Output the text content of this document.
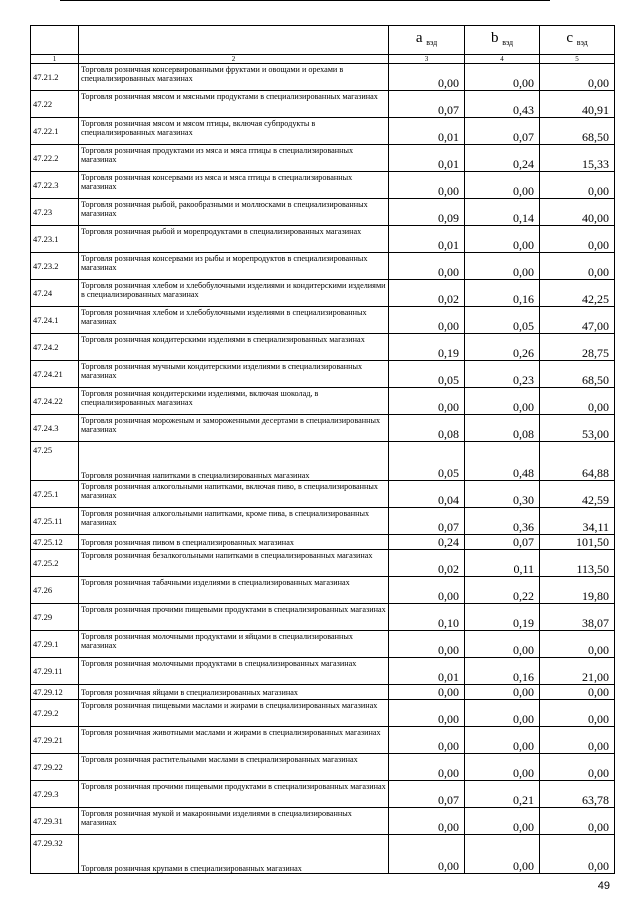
		a $_{вэд}$	b $_{вэд}$	c $_{вэд}$
1	2	3	4	5
47.21.2	Торговля розничная консервированными фруктами и овощами и орехами в специализированных магазинах	0,00	0,00	0,00
47.22	Торговля розничная мясом и мясными продуктами в специализированных магазинах	0,07	0,43	40,91
47.22.1	Торговля розничная мясом и мясом птицы, включая субпродукты в специализированных магазинах	0,01	0,07	68,50
47.22.2	Торговля розничная продуктами из мяса и мяса птицы в специализированных магазинах	0,01	0,24	15,33
47.22.3	Торговля розничная консервами из мяса и мяса птицы в специализированных магазинах	0,00	0,00	0,00
47.23	Торговля розничная рыбой, ракообразными и моллюсками в специализированных магазинах	0,09	0,14	40,00
47.23.1	Торговля розничная рыбой и морепродуктами в специализированных магазинах	0,01	0,00	0,00
47.23.2	Торговля розничная консервами из рыбы и морепродуктов в специализированных магазинах	0,00	0,00	0,00
47.24	Торговля розничная хлебом и хлебобулочными изделиями и кондитерскими изделиями в специализированных магазинах	0,02	0,16	42,25
47.24.1	Торговля розничная хлебом и хлебобулочными изделиями в специализированных магазинах	0,00	0,05	47,00
47.24.2	Торговля розничная кондитерскими изделиями в специализированных магазинах	0,19	0,26	28,75
47.24.21	Торговля розничная мучными кондитерскими изделиями в специализированных магазинах	0,05	0,23	68,50
47.24.22	Торговля розничная кондитерскими изделиями, включая шоколад, в специализированных магазинах	0,00	0,00	0,00
47.24.3	Торговля розничная мороженым и замороженными десертами в специализированных магазинах	0,08	0,08	53,00
47.25	Торговля розничная напитками в специализированных магазинах	0,05	0,48	64,88
47.25.1	Торговля розничная алкогольными напитками, включая пиво, в специализированных магазинах	0,04	0,30	42,59
47.25.11	Торговля розничная алкогольными напитками, кроме пива, в специализированных магазинах	0,07	0,36	34,11
47.25.12	Торговля розничная пивом в специализированных магазинах	0,24	0,07	101,50
47.25.2	Торговля розничная безалкогольными напитками в специализированных магазинах	0,02	0,11	113,50
47.26	Торговля розничная табачными изделиями в специализированных магазинах	0,00	0,22	19,80
47.29	Торговля розничная прочими пищевыми продуктами в специализированных магазинах	0,10	0,19	38,07
47.29.1	Торговля розничная молочными продуктами и яйцами в специализированных магазинах	0,00	0,00	0,00
47.29.11	Торговля розничная молочными продуктами в специализированных магазинах	0,01	0,16	21,00
47.29.12	Торговля розничная яйцами в специализированных магазинах	0,00	0,00	0,00
47.29.2	Торговля розничная пищевыми маслами и жирами в специализированных магазинах	0,00	0,00	0,00
47.29.21	Торговля розничная животными маслами и жирами в специализированных магазинах	0,00	0,00	0,00
47.29.22	Торговля розничная растительными маслами в специализированных магазинах	0,00	0,00	0,00
47.29.3	Торговля розничная прочими пищевыми продуктами в специализированных магазинах	0,07	0,21	63,78
47.29.31	Торговля розничная мукой и макаронными изделиями в специализированных магазинах	0,00	0,00	0,00
47.29.32	Торговля розничная крупами в специализированных магазинах	0,00	0,00	0,00
49
